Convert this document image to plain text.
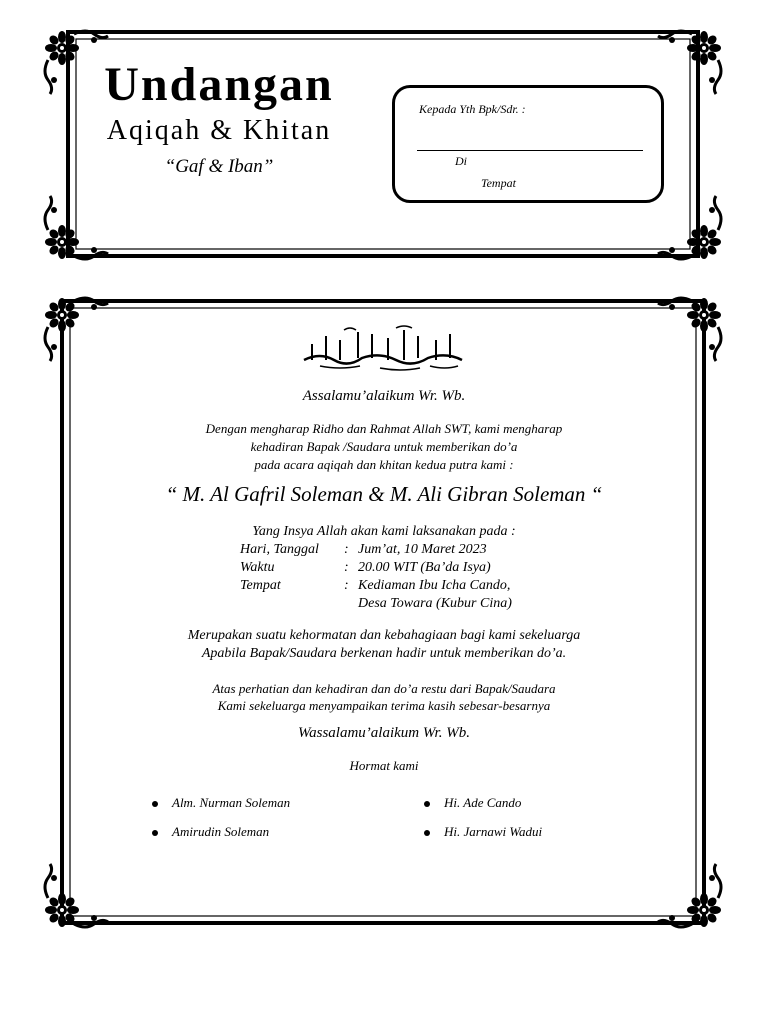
Undangan
Aqiqah & Khitan
“Gaf & Iban”
Kepada Yth Bpk/Sdr. :
Di
Tempat
Assalamu’alaikum Wr. Wb.
Dengan mengharap Ridho dan Rahmat Allah SWT, kami mengharap
kehadiran Bapak /Saudara untuk memberikan do’a
pada acara aqiqah dan khitan kedua putra kami :
“ M. Al Gafril Soleman & M. Ali Gibran Soleman “
Yang Insya Allah akan kami laksanakan pada :
Hari, Tanggal	: Jum’at, 10 Maret 2023
Waktu	: 20.00 WIT (Ba’da Isya)
Tempat	: Kediaman Ibu Icha Cando,
Desa Towara (Kubur Cina)
Merupakan suatu kehormatan dan kebahagiaan bagi kami sekeluarga
Apabila Bapak/Saudara berkenan hadir untuk memberikan do’a.
Atas perhatian dan kehadiran dan do’a restu dari Bapak/Saudara
Kami sekeluarga menyampaikan terima kasih sebesar-besarnya
Wassalamu’alaikum Wr. Wb.
Hormat kami
Alm. Nurman Soleman	Hi. Ade Cando
Amirudin Soleman	Hi. Jarnawi Wadui
